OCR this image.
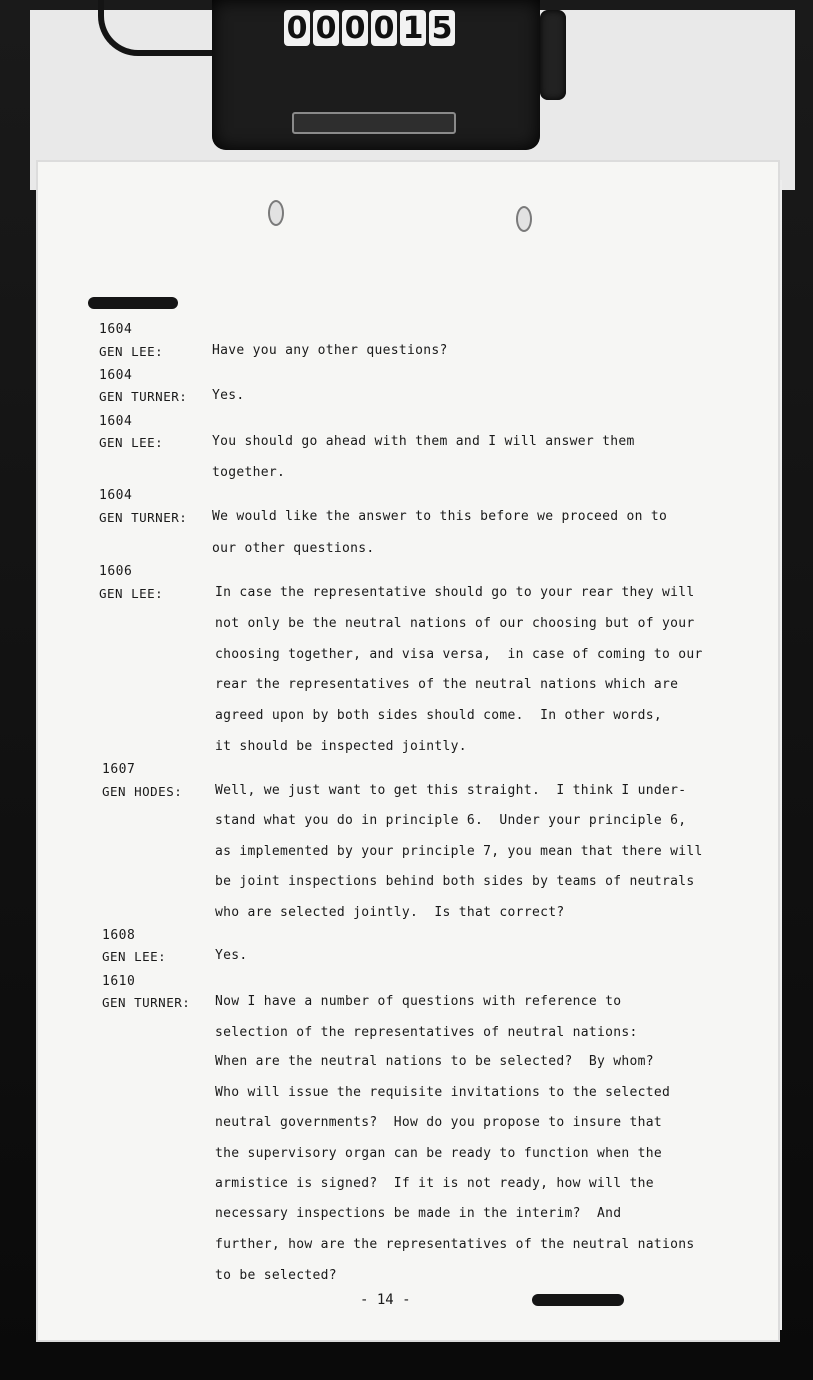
0 0 0 0 1 5
1604
GEN LEE:	Have you any other questions?
1604
GEN TURNER: Yes.
1604
GEN LEE:	You should go ahead with them and I will answer them
together.
1604
GEN TURNER: We would like the answer to this before we proceed on to
our other questions.
1606
GEN LEE:	In case the representative should go to your rear they will
not only be the neutral nations of our choosing but of your
choosing together, and visa versa,  in case of coming to our
rear the representatives of the neutral nations which are
agreed upon by both sides should come.  In other words,
it should be inspected jointly.
1607
GEN HODES:	Well, we just want to get this straight.  I think I under-
stand what you do in principle 6.  Under your principle 6,
as implemented by your principle 7, you mean that there will
be joint inspections behind both sides by teams of neutrals
who are selected jointly.  Is that correct?
1608
GEN LEE:	Yes.
1610
GEN TURNER: Now I have a number of questions with reference to
selection of the representatives of neutral nations:
When are the neutral nations to be selected?  By whom?
Who will issue the requisite invitations to the selected
neutral governments?  How do you propose to insure that
the supervisory organ can be ready to function when the
armistice is signed?  If it is not ready, how will the
necessary inspections be made in the interim?  And
further, how are the representatives of the neutral nations
to be selected?
- 14 -
